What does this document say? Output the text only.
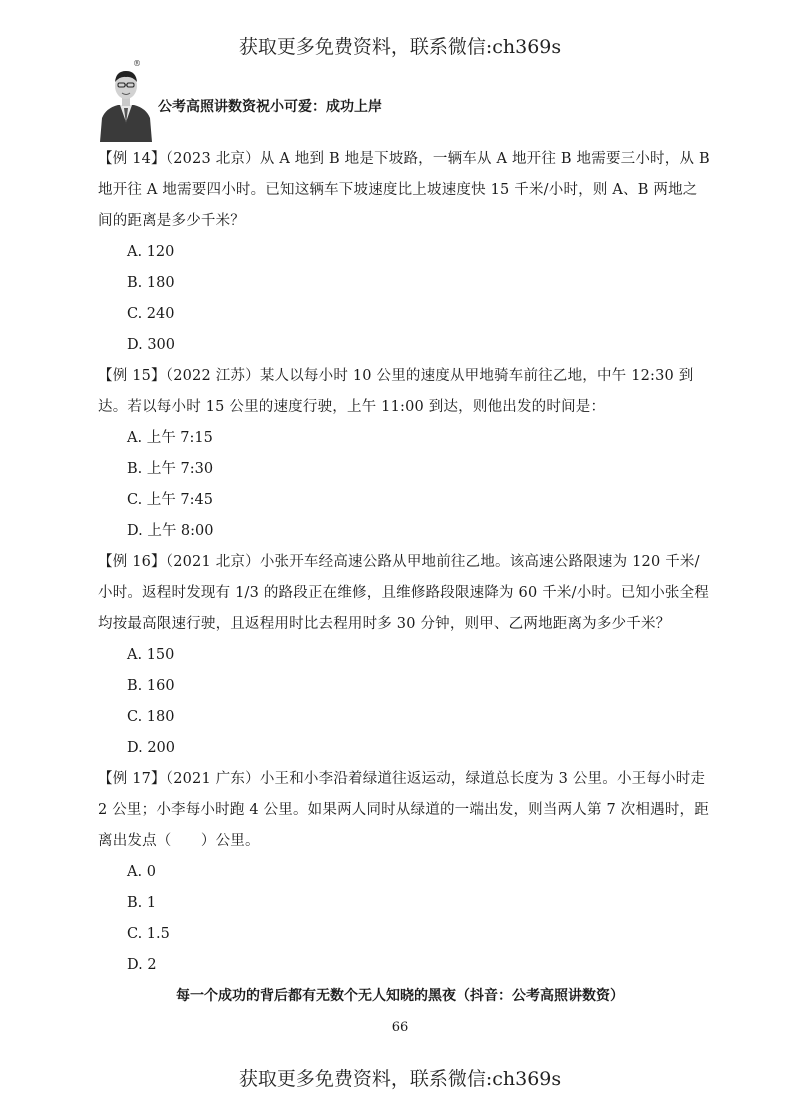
获取更多免费资料，联系微信:ch369s
®
公考高照讲数资祝小可爱：成功上岸

【例 14】（2023 北京）从 A 地到 B 地是下坡路，一辆车从 A 地开往 B 地需要三小时，从 B 地开往 A 地需要四小时。已知这辆车下坡速度比上坡速度快 15 千米/小时，则 A、B 两地之间的距离是多少千米？

A. 120
B. 180
C. 240
D. 300

【例 15】（2022 江苏）某人以每小时 10 公里的速度从甲地骑车前往乙地，中午 12:30 到达。若以每小时 15 公里的速度行驶，上午 11:00 到达，则他出发的时间是：

A. 上午 7:15
B. 上午 7:30
C. 上午 7:45
D. 上午 8:00

【例 16】（2021 北京）小张开车经高速公路从甲地前往乙地。该高速公路限速为 120 千米/小时。返程时发现有 1/3 的路段正在维修，且维修路段限速降为 60 千米/小时。已知小张全程均按最高限速行驶，且返程用时比去程用时多 30 分钟，则甲、乙两地距离为多少千米？

A. 150
B. 160
C. 180
D. 200

【例 17】（2021 广东）小王和小李沿着绿道往返运动，绿道总长度为 3 公里。小王每小时走 2 公里；小李每小时跑 4 公里。如果两人同时从绿道的一端出发，则当两人第 7 次相遇时，距离出发点（　　）公里。

A. 0
B. 1
C. 1.5
D. 2
每一个成功的背后都有无数个无人知晓的黑夜（抖音：公考高照讲数资）
66
获取更多免费资料，联系微信:ch369s
